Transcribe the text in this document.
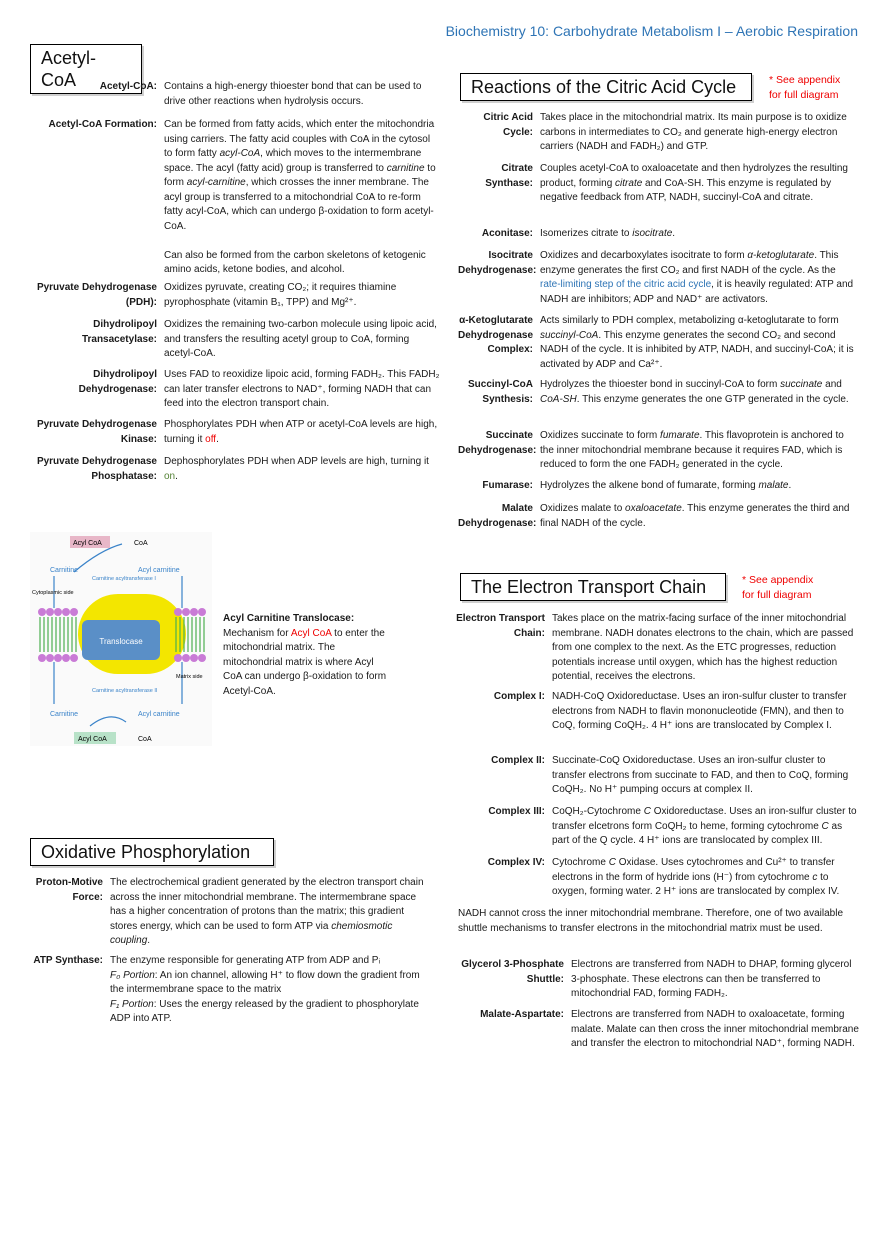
Biochemistry 10: Carbohydrate Metabolism I – Aerobic Respiration
Acetyl-CoA	Acetyl-CoA: Contains a high-energy thioester bond that can be used to drive other reactions when hydrolysis occurs.
Acetyl-CoA Formation: Can be formed from fatty acids, which enter the mitochondria using carriers. The fatty acid couples with CoA in the cytosol to form fatty acyl-CoA, which moves to the intermembrane space. The acyl (fatty acid) group is transferred to carnitine to form acyl-carnitine, which crosses the inner membrane. The acyl group is transferred to a mitochondrial CoA to re-form fatty acyl-CoA, which can undergo β-oxidation to form acetyl-CoA.

Can also be formed from the carbon skeletons of ketogenic amino acids, ketone bodies, and alcohol.
Pyruvate Dehydrogenase (PDH):
Oxidizes pyruvate, creating CO₂; it requires thiamine pyrophosphate (vitamin B₁, TPP) and Mg²⁺.
Dihydrolipoyl Transacetylase:
Oxidizes the remaining two-carbon molecule using lipoic acid, and transfers the resulting acetyl group to CoA, forming acetyl-CoA.
Dihydrolipoyl Dehydrogenase:
Uses FAD to reoxidize lipoic acid, forming FADH₂. This FADH₂ can later transfer electrons to NAD⁺, forming NADH that can feed into the electron transport chain.
Pyruvate Dehydrogenase Kinase:
Phosphorylates PDH when ATP or acetyl-CoA levels are high, turning it off.
Pyruvate Dehydrogenase Phosphatase:
Dephosphorylates PDH when ADP levels are high, turning it on.
Translocase
Acyl CoA	CoA
Carnitine	Acyl carnitine
Carnitine acyltransferase I
Cytoplasmic side
Matrix side
Carnitine acyltransferase II
Carnitine	Acyl carnitine
Acyl CoA	CoA
Acyl Carnitine Translocase:
Mechanism for Acyl CoA to enter the mitochondrial matrix. The mitochondrial matrix is where Acyl CoA can undergo β-oxidation to form Acetyl-CoA.
Oxidative Phosphorylation
Proton-Motive Force:
The electrochemical gradient generated by the electron transport chain across the inner mitochondrial membrane. The intermembrane space has a higher concentration of protons than the matrix; this gradient stores energy, which can be used to form ATP via chemiosmotic coupling.
ATP Synthase: The enzyme responsible for generating ATP from ADP and Pᵢ
F₀ Portion: An ion channel, allowing H⁺ to flow down the gradient from the intermembrane space to the matrix
F₁ Portion: Uses the energy released by the gradient to phosphorylate ADP into ATP.
Reactions of the Citric Acid Cycle	* See appendix for full diagram
Citric Acid Cycle:
Takes place in the mitochondrial matrix. Its main purpose is to oxidize carbons in intermediates to CO₂ and generate high-energy electron carriers (NADH and FADH₂) and GTP.
Citrate Synthase:
Couples acetyl-CoA to oxaloacetate and then hydrolyzes the resulting product, forming citrate and CoA-SH. This enzyme is regulated by negative feedback from ATP, NADH, succinyl-CoA and citrate.
Aconitase: Isomerizes citrate to isocitrate.
Isocitrate Dehydrogenase:
Oxidizes and decarboxylates isocitrate to form α-ketoglutarate. This enzyme generates the first CO₂ and first NADH of the cycle. As the rate-limiting step of the citric acid cycle, it is heavily regulated: ATP and NADH are inhibitors; ADP and NAD⁺ are activators.
α-Ketoglutarate Dehydrogenase Complex:
Acts similarly to PDH complex, metabolizing α-ketoglutarate to form succinyl-CoA. This enzyme generates the second CO₂ and second NADH of the cycle. It is inhibited by ATP, NADH, and succinyl-CoA; it is activated by ADP and Ca²⁺.
Succinyl-CoA Synthesis:
Hydrolyzes the thioester bond in succinyl-CoA to form succinate and CoA-SH. This enzyme generates the one GTP generated in the cycle.
Succinate Dehydrogenase:
Oxidizes succinate to form fumarate. This flavoprotein is anchored to the inner mitochondrial membrane because it requires FAD, which is reduced to form the one FADH₂ generated in the cycle.
Fumarase: Hydrolyzes the alkene bond of fumarate, forming malate.
Malate Dehydrogenase:
Oxidizes malate to oxaloacetate. This enzyme generates the third and final NADH of the cycle.
The Electron Transport Chain	* See appendix for full diagram
Electron Transport Chain:
Takes place on the matrix-facing surface of the inner mitochondrial membrane. NADH donates electrons to the chain, which are passed from one complex to the next. As the ETC progresses, reduction potentials increase until oxygen, which has the highest reduction potential, receives the electrons.
Complex I: NADH-CoQ Oxidoreductase. Uses an iron-sulfur cluster to transfer electrons from NADH to flavin mononucleotide (FMN), and then to CoQ, forming CoQH₂. 4 H⁺ ions are translocated by Complex I.
Complex II: Succinate-CoQ Oxidoreductase. Uses an iron-sulfur cluster to transfer electrons from succinate to FAD, and then to CoQ, forming CoQH₂. No H⁺ pumping occurs at complex II.
Complex III: CoQH₂-Cytochrome C Oxidoreductase. Uses an iron-sulfur cluster to transfer elcetrons form CoQH₂ to heme, forming cytochrome C as part of the Q cycle. 4 H⁺ ions are translocated by complex III.
Complex IV: Cytochrome C Oxidase. Uses cytochromes and Cu²⁺ to transfer electrons in the form of hydride ions (H⁻) from cytochrome c to oxygen, forming water. 2 H⁺ ions are translocated by complex IV.
NADH cannot cross the inner mitochondrial membrane. Therefore, one of two available shuttle mechanisms to transfer electrons in the mitochondrial matrix must be used.
Glycerol 3-Phosphate Shuttle:
Electrons are transferred from NADH to DHAP, forming glycerol 3-phosphate. These electrons can then be transferred to mitochondrial FAD, forming FADH₂.
Malate-Aspartate: Electrons are transferred from NADH to oxaloacetate, forming malate. Malate can then cross the inner mitochondrial membrane and transfer the electron to mitochondrial NAD⁺, forming NADH.
